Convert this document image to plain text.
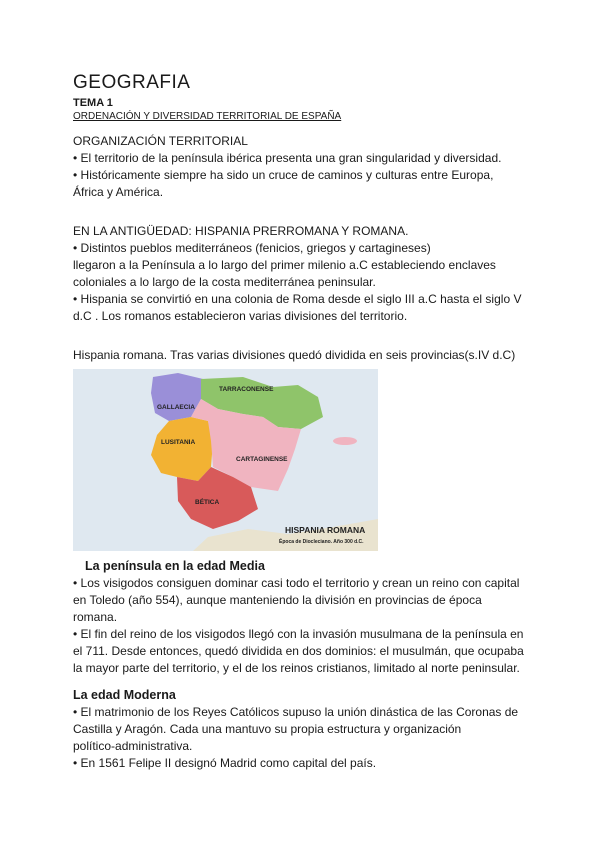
GEOGRAFIA
TEMA 1
ORDENACIÓN Y DIVERSIDAD TERRITORIAL DE ESPAÑA
ORGANIZACIÓN TERRITORIAL

• El territorio de la península ibérica presenta una gran singularidad y diversidad.

• Históricamente siempre ha sido un cruce de caminos y culturas entre Europa,

África y América.

EN LA ANTIGÜEDAD: HISPANIA PRERROMANA Y ROMANA.

• Distintos pueblos mediterráneos (fenicios, griegos y cartagineses)

llegaron a la Península a lo largo del primer milenio a.C estableciendo enclaves

coloniales a lo largo de la costa mediterránea peninsular.

• Hispania se convirtió en una colonia de Roma desde el siglo III a.C hasta el siglo V

d.C . Los romanos establecieron varias divisiones del territorio.

Hispania romana. Tras varias divisiones quedó dividida en seis provincias(s.IV d.C)

GALLAECIA
TARRACONENSE
LUSITANIA
CARTAGINENSE
BÉTICA
HISPANIA ROMANA
Época de Diocleciano. Año 300 d.C.
La península en la edad Media

• Los visigodos consiguen dominar casi todo el territorio y crean un reino con capital

en Toledo (año 554), aunque manteniendo la división en provincias de época

romana.

• El fin del reino de los visigodos llegó con la invasión musulmana de la península en

el 711. Desde entonces, quedó dividida en dos dominios: el musulmán, que ocupaba

la mayor parte del territorio, y el de los reinos cristianos, limitado al norte peninsular.

La edad Moderna

• El matrimonio de los Reyes Católicos supuso la unión dinástica de las Coronas de

Castilla y Aragón. Cada una mantuvo su propia estructura y organización

político-administrativa.

• En 1561 Felipe II designó Madrid como capital del país.
